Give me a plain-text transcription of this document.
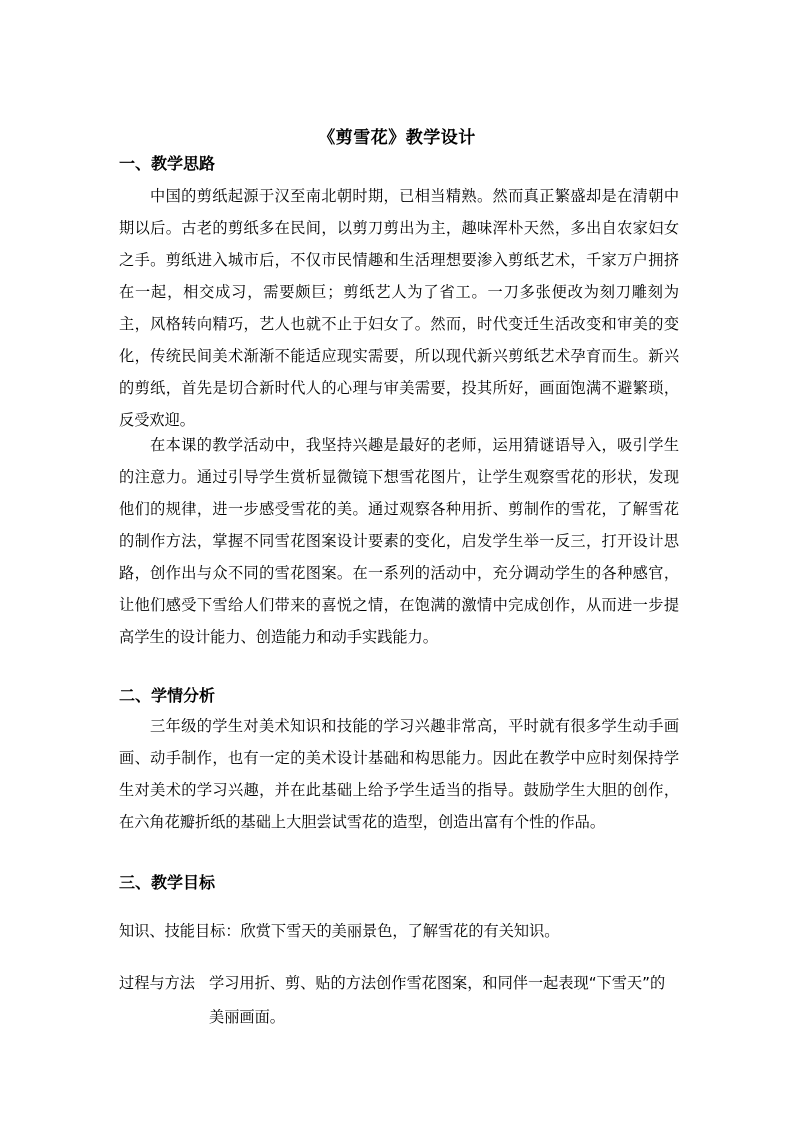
《剪雪花》教学设计
一、教学思路

中国的剪纸起源于汉至南北朝时期，已相当精熟。然而真正繁盛却是在清朝中期以后。古老的剪纸多在民间，以剪刀剪出为主，趣味浑朴天然，多出自农家妇女之手。剪纸进入城市后，不仅市民情趣和生活理想要渗入剪纸艺术，千家万户拥挤在一起，相交成习，需要颇巨；剪纸艺人为了省工。一刀多张便改为刻刀雕刻为主，风格转向精巧，艺人也就不止于妇女了。然而，时代变迁生活改变和审美的变化，传统民间美术渐渐不能适应现实需要，所以现代新兴剪纸艺术孕育而生。新兴的剪纸，首先是切合新时代人的心理与审美需要，投其所好，画面饱满不避繁琐，反受欢迎。

在本课的教学活动中，我坚持兴趣是最好的老师，运用猜谜语导入，吸引学生的注意力。通过引导学生赏析显微镜下想雪花图片，让学生观察雪花的形状，发现他们的规律，进一步感受雪花的美。通过观察各种用折、剪制作的雪花，了解雪花的制作方法，掌握不同雪花图案设计要素的变化，启发学生举一反三，打开设计思路，创作出与众不同的雪花图案。在一系列的活动中，充分调动学生的各种感官，让他们感受下雪给人们带来的喜悦之情，在饱满的激情中完成创作，从而进一步提高学生的设计能力、创造能力和动手实践能力。

二、学情分析

三年级的学生对美术知识和技能的学习兴趣非常高，平时就有很多学生动手画画、动手制作，也有一定的美术设计基础和构思能力。因此在教学中应时刻保持学生对美术的学习兴趣，并在此基础上给予学生适当的指导。鼓励学生大胆的创作，在六角花瓣折纸的基础上大胆尝试雪花的造型，创造出富有个性的作品。

三、教学目标
知识、技能目标：欣赏下雪天的美丽景色，了解雪花的有关知识。
过程与方法 学习用折、剪、贴的方法创作雪花图案，和同伴一起表现“下雪天”的美丽画面。
